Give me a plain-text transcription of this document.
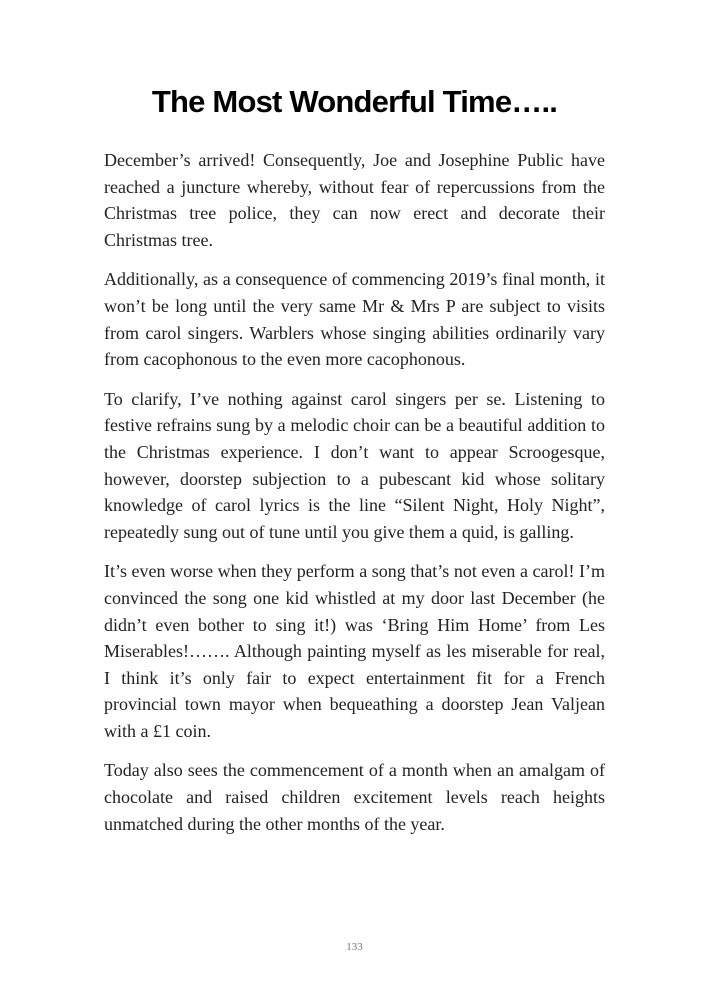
The Most Wonderful Time…..

December’s arrived! Consequently, Joe and Josephine Public have reached a juncture whereby, without fear of repercussions from the Christmas tree police, they can now erect and decorate their Christmas tree.

Additionally, as a consequence of commencing 2019’s final month, it won’t be long until the very same Mr & Mrs P are subject to visits from carol singers. Warblers whose singing abilities ordinarily vary from cacophonous to the even more cacophonous.

To clarify, I’ve nothing against carol singers per se. Listening to festive refrains sung by a melodic choir can be a beautiful addition to the Christmas experience. I don’t want to appear Scroogesque, however, doorstep subjection to a pubescant kid whose solitary knowledge of carol lyrics is the line “Silent Night, Holy Night”, repeatedly sung out of tune until you give them a quid, is galling.

It’s even worse when they perform a song that’s not even a carol! I’m convinced the song one kid whistled at my door last December (he didn’t even bother to sing it!) was ‘Bring Him Home’ from Les Miserables!……. Although painting myself as les miserable for real, I think it’s only fair to expect entertainment fit for a French provincial town mayor when bequeathing a doorstep Jean Valjean with a £1 coin.

Today also sees the commencement of a month when an amalgam of chocolate and raised children excitement levels reach heights unmatched during the other months of the year.

133
